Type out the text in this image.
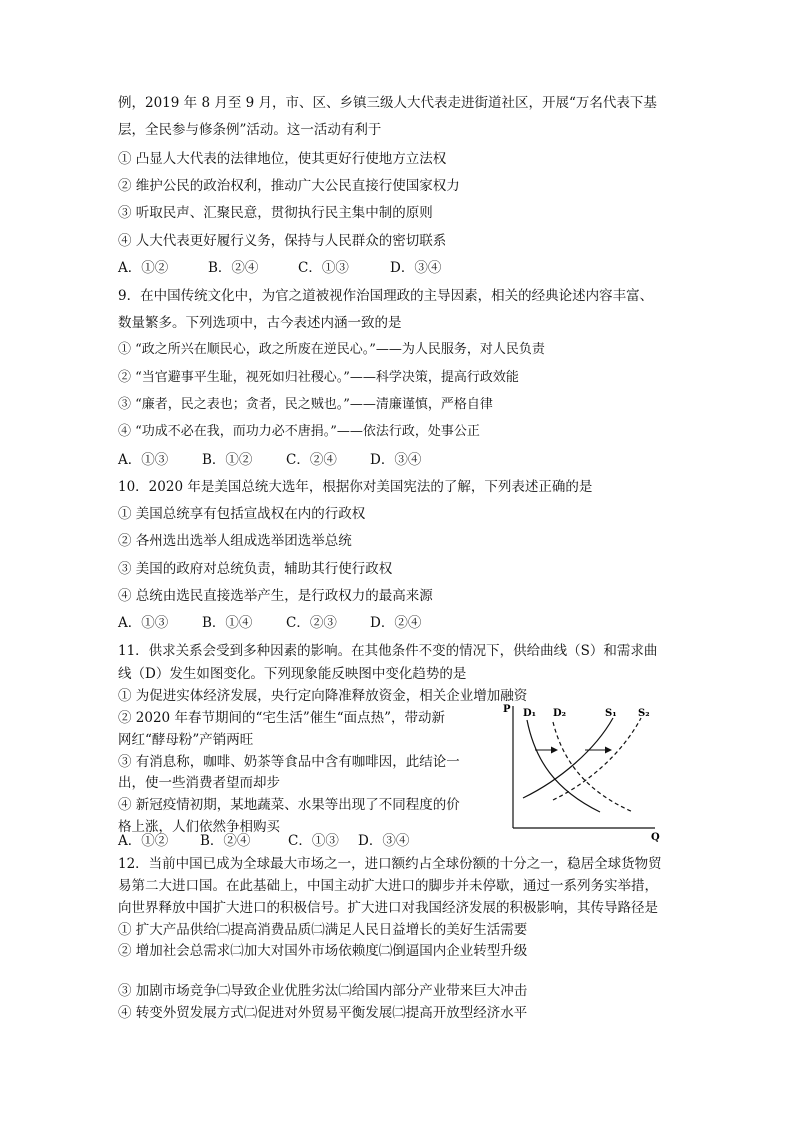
例，2019 年 8 月至 9 月，市、区、乡镇三级人大代表走进街道社区，开展“万名代表下基
层，全民参与修条例”活动。这一活动有利于
① 凸显人大代表的法律地位，使其更好行使地方立法权
② 维护公民的政治权利，推动广大公民直接行使国家权力
③ 听取民声、汇聚民意，贯彻执行民主集中制的原则
④ 人大代表更好履行义务，保持与人民群众的密切联系
A．①②	B．②④	C．①③	D．③④
9．在中国传统文化中，为官之道被视作治国理政的主导因素，相关的经典论述内容丰富、
数量繁多。下列选项中，古今表述内涵一致的是
① “政之所兴在顺民心，政之所废在逆民心。”——为人民服务，对人民负责
② “当官避事平生耻，视死如归社稷心。”——科学决策，提高行政效能
③ “廉者，民之表也；贪者，民之贼也。”——清廉谨慎，严格自律
④ “功成不必在我，而功力必不唐捐。”——依法行政，处事公正
A．①③	B．①② C．②④ D．③④
10．2020 年是美国总统大选年，根据你对美国宪法的了解，下列表述正确的是
① 美国总统享有包括宣战权在内的行政权
② 各州选出选举人组成选举团选举总统
③ 美国的政府对总统负责，辅助其行使行政权
④ 总统由选民直接选举产生，是行政权力的最高来源
A．①③	B．①④ C．②③ D．②④
11．供求关系会受到多种因素的影响。在其他条件不变的情况下，供给曲线（S）和需求曲
线（D）发生如图变化。下列现象能反映图中变化趋势的是
① 为促进实体经济发展，央行定向降准释放资金，相关企业增加融资
② 2020 年春节期间的“宅生活”催生“面点热”，带动新
网红“酵母粉”产销两旺
③ 有消息称，咖啡、奶茶等食品中含有咖啡因，此结论一
出，使一些消费者望而却步
④ 新冠疫情初期，某地蔬菜、水果等出现了不同程度的价
格上涨，人们依然争相购买
A．①② B．②④	C．①③ D．③④
P
Q
D₁ D₂	S₁ S₂
12．当前中国已成为全球最大市场之一，进口额约占全球份额的十分之一，稳居全球货物贸
易第二大进口国。在此基础上，中国主动扩大进口的脚步并未停歇，通过一系列务实举措，
向世界释放中国扩大进口的积极信号。扩大进口对我国经济发展的积极影响，其传导路径是
① 扩大产品供给㈡提高消费品质㈡满足人民日益增长的美好生活需要
② 增加社会总需求㈡加大对国外市场依赖度㈡倒逼国内企业转型升级
③ 加剧市场竞争㈡导致企业优胜劣汰㈡给国内部分产业带来巨大冲击
④ 转变外贸发展方式㈡促进对外贸易平衡发展㈡提高开放型经济水平
